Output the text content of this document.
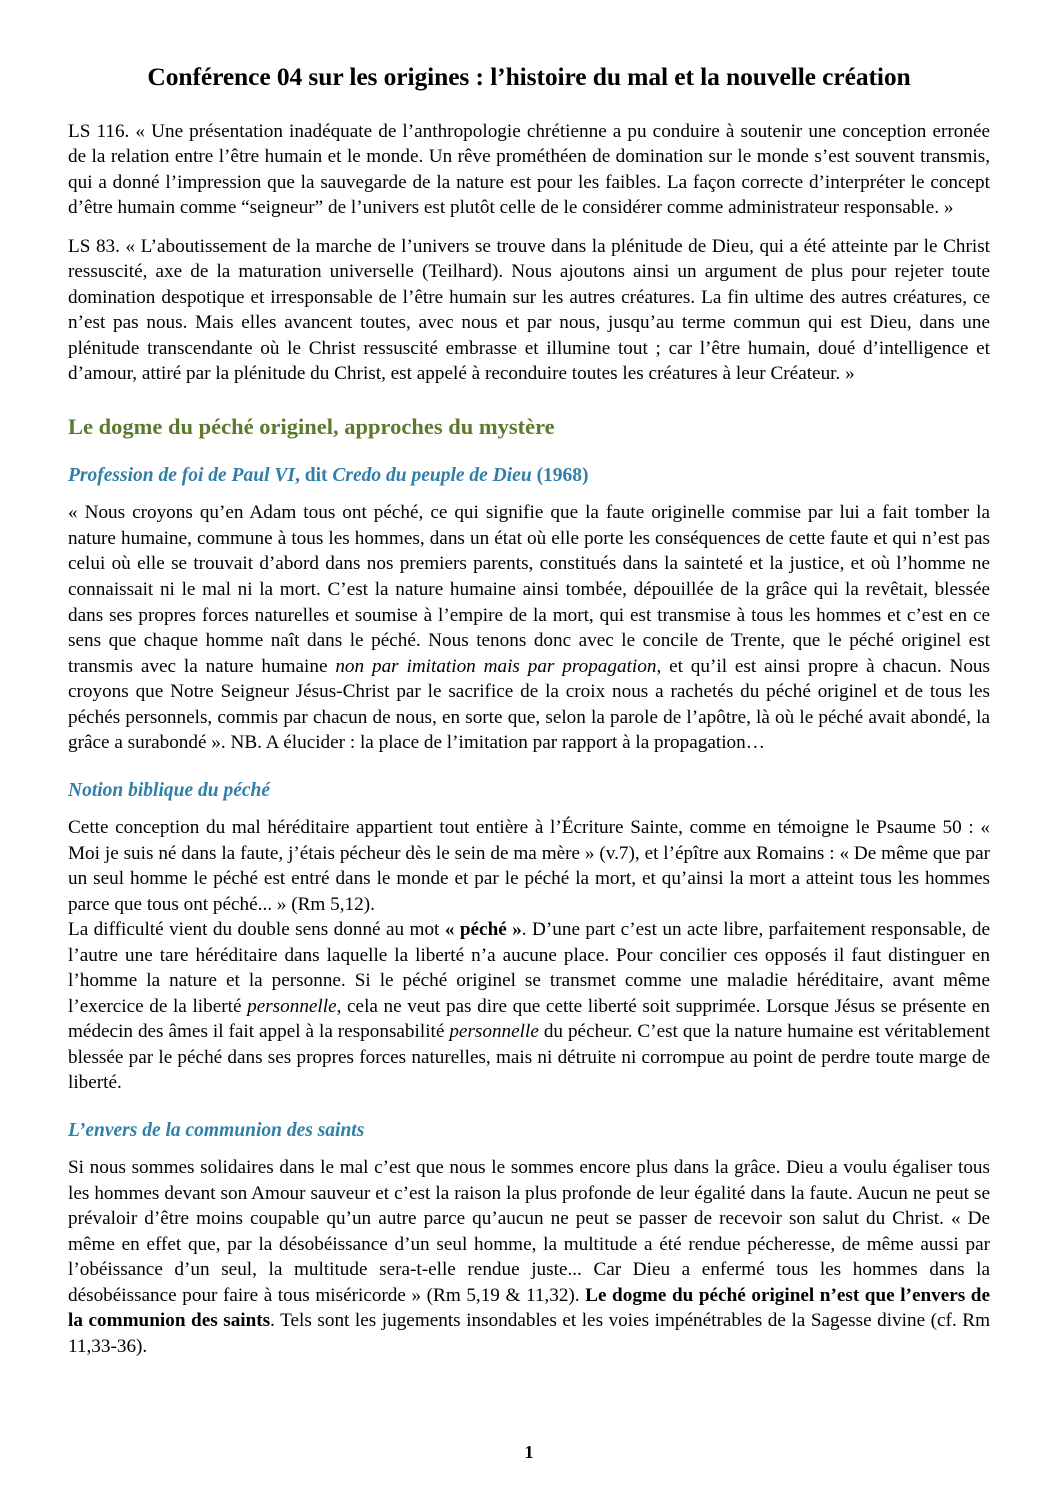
Conférence 04 sur les origines : l’histoire du mal et la nouvelle création

LS 116. « Une présentation inadéquate de l’anthropologie chrétienne a pu conduire à soutenir une conception erronée de la relation entre l’être humain et le monde. Un rêve prométhéen de domination sur le monde s’est souvent transmis, qui a donné l’impression que la sauvegarde de la nature est pour les faibles. La façon correcte d’interpréter le concept d’être humain comme “seigneur” de l’univers est plutôt celle de le considérer comme administrateur responsable. »

LS 83. « L’aboutissement de la marche de l’univers se trouve dans la plénitude de Dieu, qui a été atteinte par le Christ ressuscité, axe de la maturation universelle (Teilhard). Nous ajoutons ainsi un argument de plus pour rejeter toute domination despotique et irresponsable de l’être humain sur les autres créatures. La fin ultime des autres créatures, ce n’est pas nous. Mais elles avancent toutes, avec nous et par nous, jusqu’au terme commun qui est Dieu, dans une plénitude transcendante où le Christ ressuscité embrasse et illumine tout ; car l’être humain, doué d’intelligence et d’amour, attiré par la plénitude du Christ, est appelé à reconduire toutes les créatures à leur Créateur. »

Le dogme du péché originel, approches du mystère
Profession de foi de Paul VI, dit Credo du peuple de Dieu (1968)

« Nous croyons qu’en Adam tous ont péché, ce qui signifie que la faute originelle commise par lui a fait tomber la nature humaine, commune à tous les hommes, dans un état où elle porte les conséquences de cette faute et qui n’est pas celui où elle se trouvait d’abord dans nos premiers parents, constitués dans la sainteté et la justice, et où l’homme ne connaissait ni le mal ni la mort. C’est la nature humaine ainsi tombée, dépouillée de la grâce qui la revêtait, blessée dans ses propres forces naturelles et soumise à l’empire de la mort, qui est transmise à tous les hommes et c’est en ce sens que chaque homme naît dans le péché. Nous tenons donc avec le concile de Trente, que le péché originel est transmis avec la nature humaine non par imitation mais par propagation, et qu’il est ainsi propre à chacun. Nous croyons que Notre Seigneur Jésus-Christ par le sacrifice de la croix nous a rachetés du péché originel et de tous les péchés personnels, commis par chacun de nous, en sorte que, selon la parole de l’apôtre, là où le péché avait abondé, la grâce a surabondé ». NB. A élucider : la place de l’imitation par rapport à la propagation…

Notion biblique du péché

Cette conception du mal héréditaire appartient tout entière à l’Écriture Sainte, comme en témoigne le Psaume 50 : « Moi je suis né dans la faute, j’étais pécheur dès le sein de ma mère » (v.7), et l’épître aux Romains : « De même que par un seul homme le péché est entré dans le monde et par le péché la mort, et qu’ainsi la mort a atteint tous les hommes parce que tous ont péché... » (Rm 5,12).

La difficulté vient du double sens donné au mot « péché ». D’une part c’est un acte libre, parfaitement responsable, de l’autre une tare héréditaire dans laquelle la liberté n’a aucune place. Pour concilier ces opposés il faut distinguer en l’homme la nature et la personne. Si le péché originel se transmet comme une maladie héréditaire, avant même l’exercice de la liberté personnelle, cela ne veut pas dire que cette liberté soit supprimée. Lorsque Jésus se présente en médecin des âmes il fait appel à la responsabilité personnelle du pécheur. C’est que la nature humaine est véritablement blessée par le péché dans ses propres forces naturelles, mais ni détruite ni corrompue au point de perdre toute marge de liberté.

L’envers de la communion des saints

Si nous sommes solidaires dans le mal c’est que nous le sommes encore plus dans la grâce. Dieu a voulu égaliser tous les hommes devant son Amour sauveur et c’est la raison la plus profonde de leur égalité dans la faute. Aucun ne peut se prévaloir d’être moins coupable qu’un autre parce qu’aucun ne peut se passer de recevoir son salut du Christ. « De même en effet que, par la désobéissance d’un seul homme, la multitude a été rendue pécheresse, de même aussi par l’obéissance d’un seul, la multitude sera-t-elle rendue juste... Car Dieu a enfermé tous les hommes dans la désobéissance pour faire à tous miséricorde » (Rm 5,19 & 11,32). Le dogme du péché originel n’est que l’envers de la communion des saints. Tels sont les jugements insondables et les voies impénétrables de la Sagesse divine (cf. Rm 11,33-36).

1
